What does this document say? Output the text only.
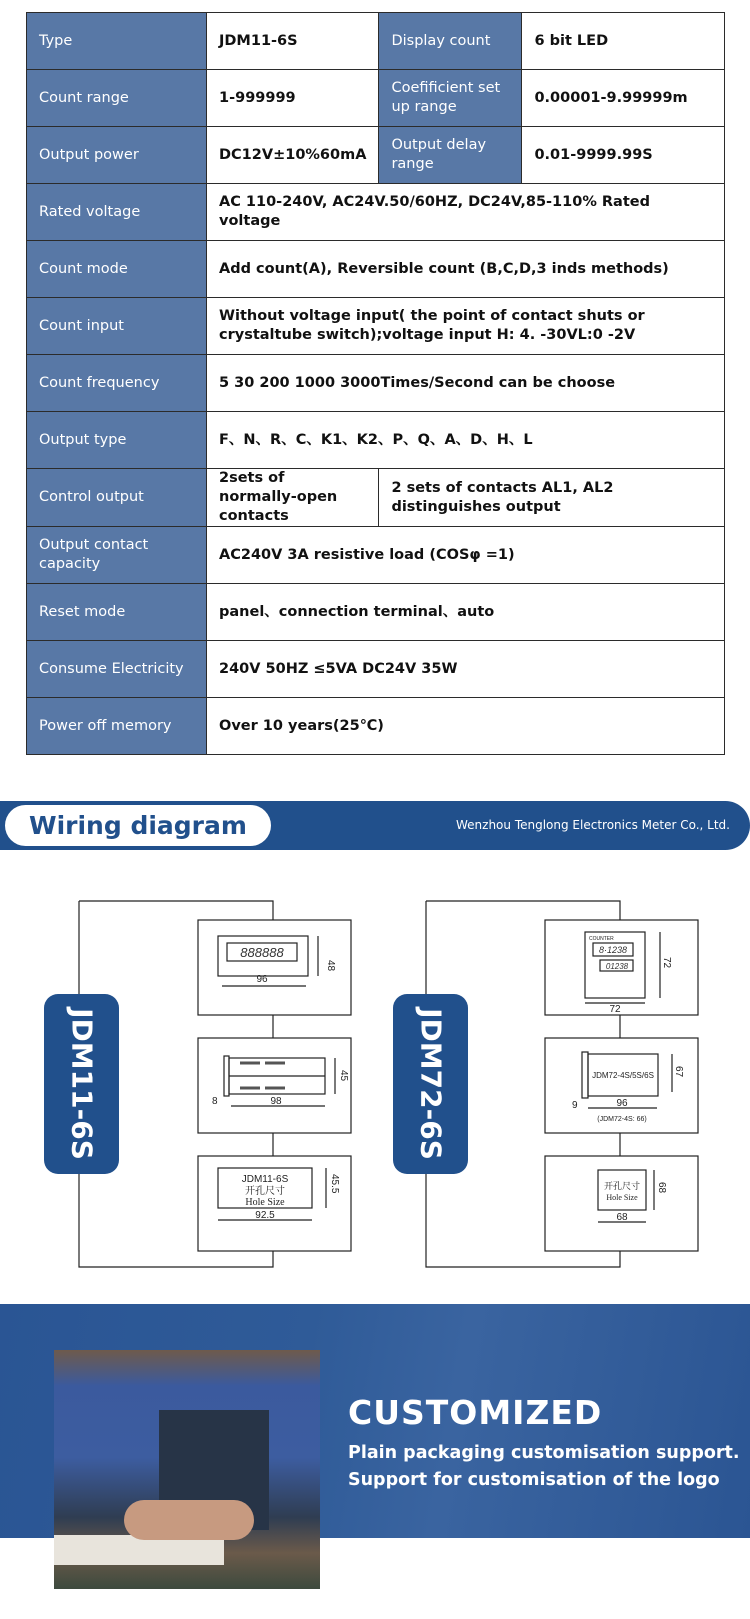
Type	JDM11-6S	Display count	6 bit LED
Count range	1-999999	Coefificient set up range	0.00001-9.99999m
Output power	DC12V±10%60mA	Output delay range	0.01-9999.99S
Rated voltage	AC 110-240V, AC24V.50/60HZ, DC24V,85-110% Rated voltage		
Count mode	Add count(A), Reversible count (B,C,D,3 inds methods)		
Count input	Without voltage input( the point of contact shuts or crystaltube switch);voltage input H: 4. -30VL:0 -2V		
Count frequency	5 30 200 1000 3000Times/Second can be choose		
Output type	F、N、R、C、K1、K2、P、Q、A、D、H、L		
Control output	2sets of normally-open contacts	2 sets of contacts AL1, AL2 distinguishes output	
Output contact capacity	AC240V 3A resistive load (COSφ =1)		
Reset mode	panel、connection terminal、auto		
Consume Electricity	240V 50HZ ≤5VA DC24V 35W		
Power off memory	Over 10 years(25℃)		
Wiring diagram	Wenzhou Tenglong Electronics Meter Co., Ltd.
888888
96
48
98
8
45
JDM11-6S
开孔尺寸
Hole Size
92.5
45.5
COUNTER
8·1238
01238
72
72
JDM72-4S/5S/6S
96
9
(JDM72-4S: 66)
67
开孔尺寸
Hole Size
68
68
JDM11-6S	JDM72-6S
CUSTOMIZED
Plain packaging customisation support.
Support for customisation of the logo
